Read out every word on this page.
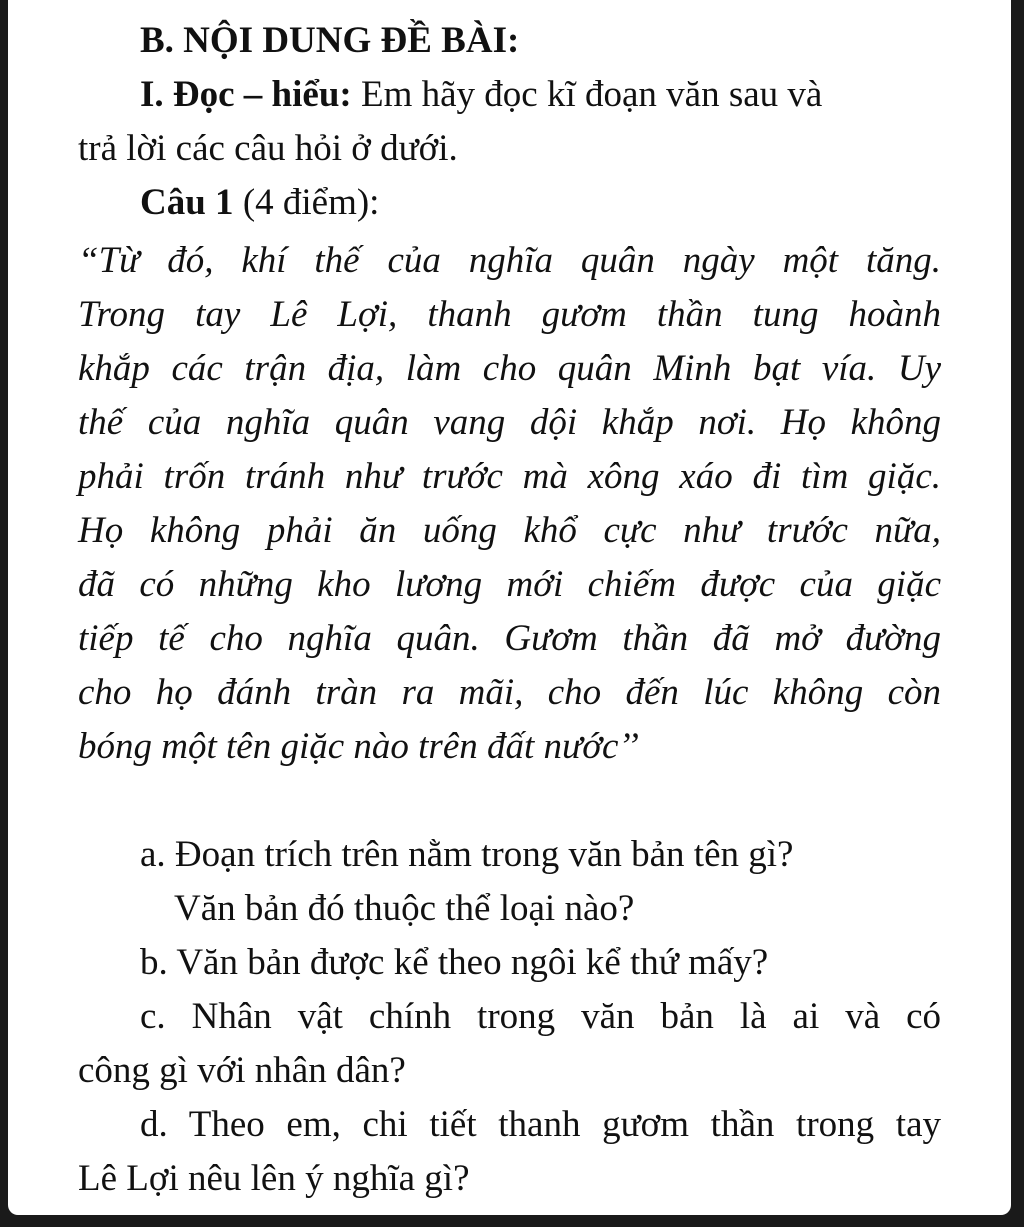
B. NỘI DUNG ĐỀ BÀI:
I. Đọc – hiểu: Em hãy đọc kĩ đoạn văn sau và
trả lời các câu hỏi ở dưới.
Câu 1 (4 điểm):
“Từ đó, khí thế của nghĩa quân ngày một tăng.
Trong tay Lê Lợi, thanh gươm thần tung hoành
khắp các trận địa, làm cho quân Minh bạt vía. Uy
thế của nghĩa quân vang dội khắp nơi. Họ không
phải trốn tránh như trước mà xông xáo đi tìm giặc.
Họ không phải ăn uống khổ cực như trước nữa,
đã có những kho lương mới chiếm được của giặc
tiếp tế cho nghĩa quân. Gươm thần đã mở đường
cho họ đánh tràn ra mãi, cho đến lúc không còn
bóng một tên giặc nào trên đất nước’’
a. Đoạn trích trên nằm trong văn bản tên gì?
Văn bản đó thuộc thể loại nào?
b. Văn bản được kể theo ngôi kể thứ mấy?
c. Nhân vật chính trong văn bản là ai và có
công gì với nhân dân?
d. Theo em, chi tiết thanh gươm thần trong tay
Lê Lợi nêu lên ý nghĩa gì?
